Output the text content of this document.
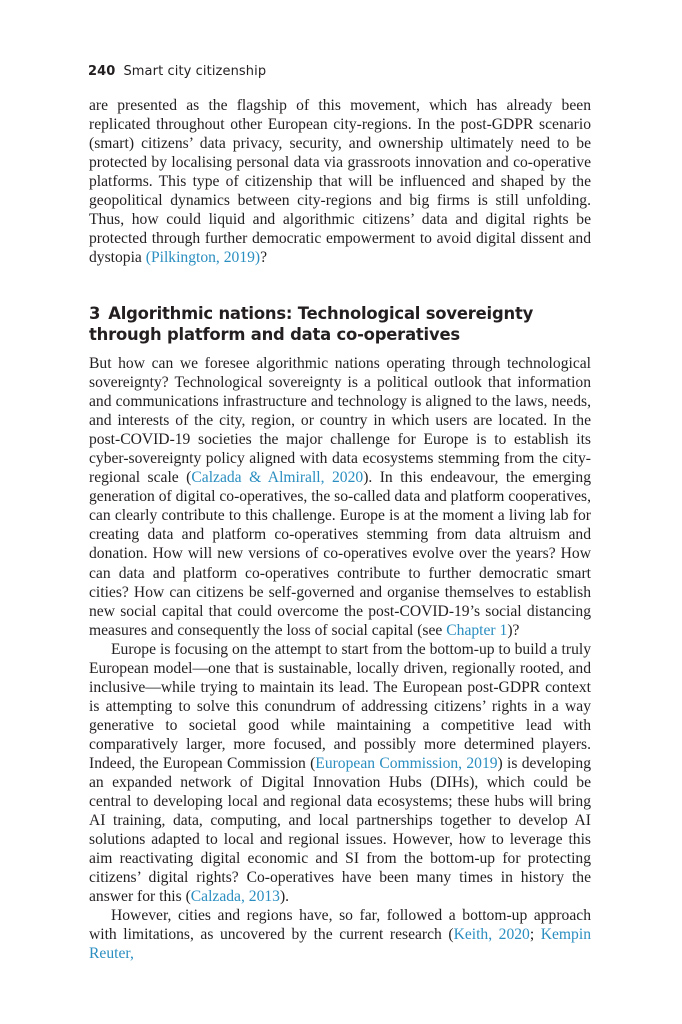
240 Smart city citizenship

are presented as the flagship of this movement, which has already been replicated throughout other European city-regions. In the post-GDPR scenario (smart) citizens’ data privacy, security, and ownership ultimately need to be protected by localising personal data via grassroots innovation and co-operative platforms. This type of citizenship that will be influenced and shaped by the geopolitical dynamics between city-regions and big firms is still unfolding. Thus, how could liquid and algorithmic citizens’ data and digital rights be protected through further democratic empowerment to avoid digital dissent and dystopia (Pilkington, 2019)?

3 Algorithmic nations: Technological sovereignty through platform and data co-operatives

But how can we foresee algorithmic nations operating through technological sovereignty? Technological sovereignty is a political outlook that information and communications infrastructure and technology is aligned to the laws, needs, and interests of the city, region, or country in which users are located. In the post-COVID-19 societies the major challenge for Europe is to establish its cyber-sovereignty policy aligned with data ecosystems stemming from the city-regional scale (Calzada & Almirall, 2020). In this endeavour, the emerging generation of digital co-operatives, the so-called data and platform cooperatives, can clearly contribute to this challenge. Europe is at the moment a living lab for creating data and platform co-operatives stemming from data altruism and donation. How will new versions of co-operatives evolve over the years? How can data and platform co-operatives contribute to further democratic smart cities? How can citizens be self-governed and organise themselves to establish new social capital that could overcome the post-COVID-19’s social distancing measures and consequently the loss of social capital (see Chapter 1)?

Europe is focusing on the attempt to start from the bottom-up to build a truly European model—one that is sustainable, locally driven, regionally rooted, and inclusive—while trying to maintain its lead. The European post-GDPR context is attempting to solve this conundrum of addressing citizens’ rights in a way generative to societal good while maintaining a competitive lead with comparatively larger, more focused, and possibly more determined players. Indeed, the European Commission (European Commission, 2019) is developing an expanded network of Digital Innovation Hubs (DIHs), which could be central to developing local and regional data ecosystems; these hubs will bring AI training, data, computing, and local partnerships together to develop AI solutions adapted to local and regional issues. However, how to leverage this aim reactivating digital economic and SI from the bottom-up for protecting citizens’ digital rights? Co-operatives have been many times in history the answer for this (Calzada, 2013).

However, cities and regions have, so far, followed a bottom-up approach with limitations, as uncovered by the current research (Keith, 2020; Kempin Reuter,
